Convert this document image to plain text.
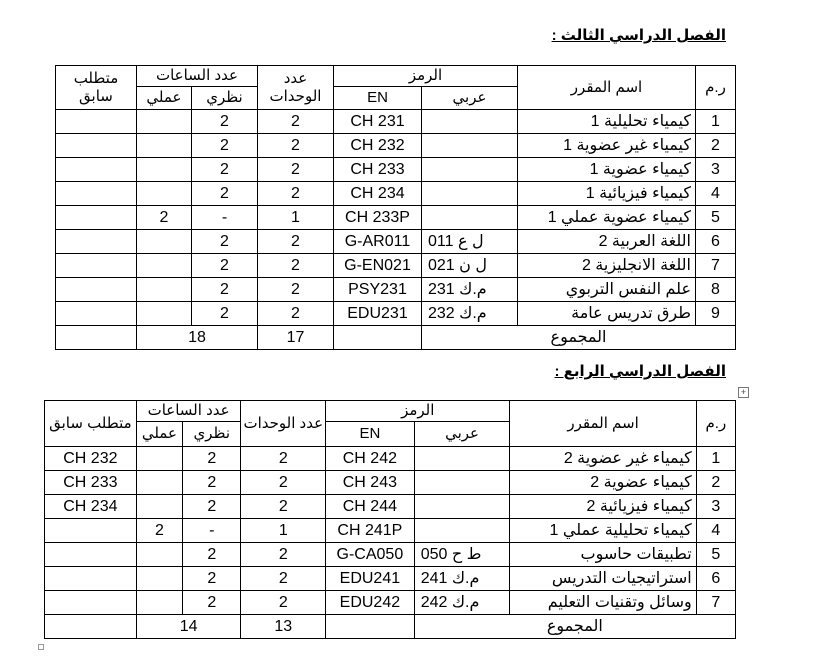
الفصل الدراسي الثالث :
ر.م	اسم المقرر	الرمز		عدد الوحدات	عدد الساعات		متطلب سابق
		عربي	EN		نظري	عملي	
1	كيمياء تحليلية 1		CH 231	2	2		
2	كيمياء غير عضوية 1		CH 232	2	2		
3	كيمياء عضوية 1		CH 233	2	2		
4	كيمياء فيزيائية 1		CH 234	2	2		
5	كيمياء عضوية عملي 1		CH 233P	1	-	2	
6	اللغة العربية 2	ل ع 011	G-AR011	2	2		
7	اللغة الانجليزية 2	ل ن 021	G-EN021	2	2		
8	علم النفس التربوي	م.ك 231	PSY231	2	2		
9	طرق تدريس عامة	م.ك 232	EDU231	2	2		
المجموع				17	18		
الفصل الدراسي الرابع :
+
ر.م	اسم المقرر	الرمز		عدد الوحدات	عدد الساعات		متطلب سابق
		عربي	EN		نظري	عملي	
1	كيمياء غير عضوية 2		CH 242	2	2		CH 232
2	كيمياء عضوية 2		CH 243	2	2		CH 233
3	كيمياء فيزيائية 2		CH 244	2	2		CH 234
4	كيمياء تحليلية عملي 1		CH 241P	1	-	2	
5	تطبيقات حاسوب	ط ح 050	G-CA050	2	2		
6	استراتيجيات التدريس	م.ك 241	EDU241	2	2		
7	وسائل وتقنيات التعليم	م.ك 242	EDU242	2	2		
المجموع				13	14		
